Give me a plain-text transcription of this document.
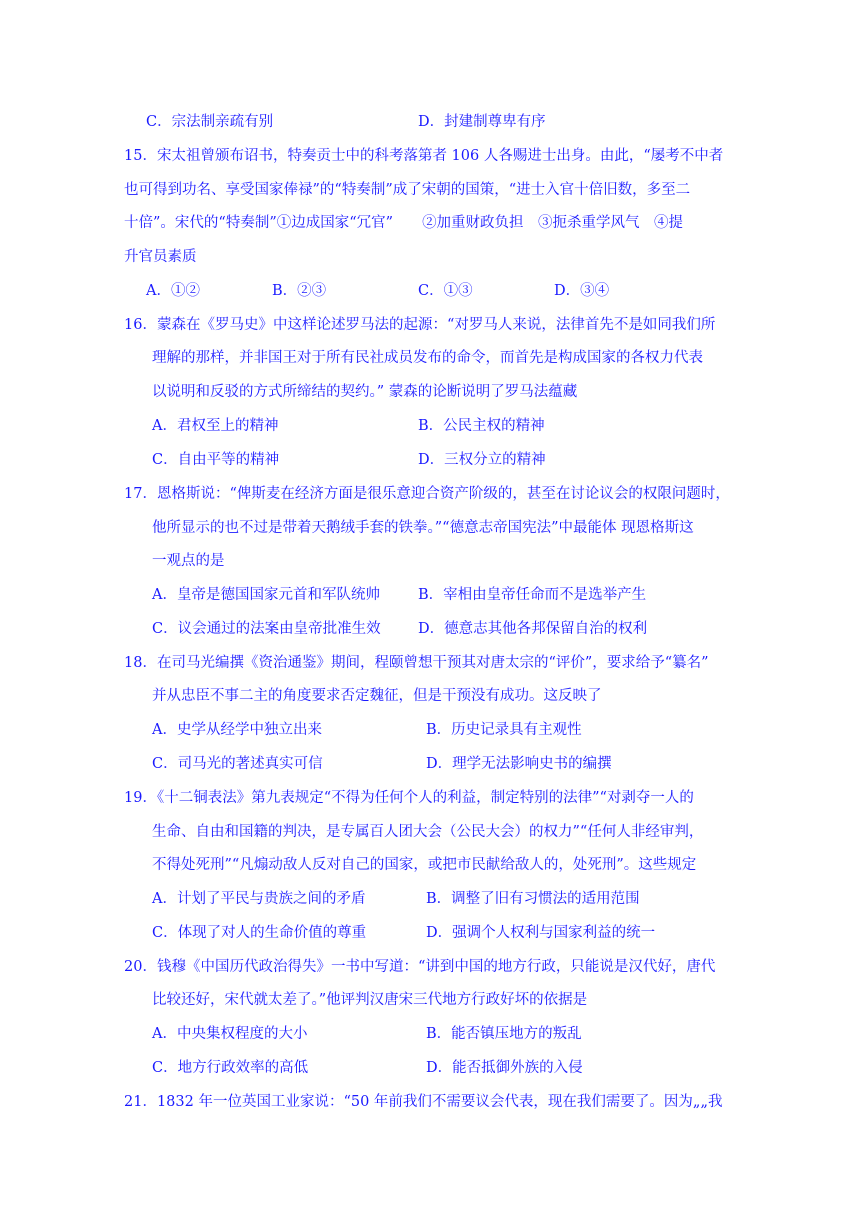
C．宗法制亲疏有别	D．封建制尊卑有序
15．宋太祖曾颁布诏书，特奏贡士中的科考落第者 106 人各赐进士出身。由此，“屡考不中者
也可得到功名、享受国家俸禄”的“特奏制”成了宋朝的国策，“进士入官十倍旧数，多至二
十倍”。宋代的“特奏制”①边成国家“冗官”　　②加重财政负担　③扼杀重学风气　④提
升官员素质
A．①②	B．②③	C．①③	D．③④
16．蒙森在《罗马史》中这样论述罗马法的起源：“对罗马人来说，法律首先不是如同我们所
理解的那样，并非国王对于所有民社成员发布的命令，而首先是构成国家的各权力代表
以说明和反驳的方式所缔结的契约。” 蒙森的论断说明了罗马法蕴藏
A．君权至上的精神	B．公民主权的精神
C．自由平等的精神	D．三权分立的精神
17．恩格斯说：“俾斯麦在经济方面是很乐意迎合资产阶级的，甚至在讨论议会的权限问题时，
他所显示的也不过是带着天鹅绒手套的铁拳。”“德意志帝国宪法”中最能体 现恩格斯这
一观点的是
A．皇帝是德国国家元首和军队统帅	B．宰相由皇帝任命而不是选举产生
C．议会通过的法案由皇帝批准生效	D．德意志其他各邦保留自治的权利
18．在司马光编撰《资治通鉴》期间，程颐曾想干预其对唐太宗的“评价”，要求给予“纂名”
并从忠臣不事二主的角度要求否定魏征，但是干预没有成功。这反映了
A．史学从经学中独立出来	B．历史记录具有主观性
C．司马光的著述真实可信	D．理学无法影响史书的编撰
19．《十二铜表法》第九表规定“不得为任何个人的利益，制定特别的法律”“对剥夺一人的
生命、自由和国籍的判决，是专属百人团大会（公民大会）的权力”“任何人非经审判，
不得处死刑”“凡煽动敌人反对自己的国家，或把市民献给敌人的，处死刑”。这些规定
A．计划了平民与贵族之间的矛盾	B．调整了旧有习惯法的适用范围
C．体现了对人的生命价值的尊重	D．强调个人权利与国家利益的统一
20．钱穆《中国历代政治得失》一书中写道：“讲到中国的地方行政，只能说是汉代好，唐代
比较还好，宋代就太差了。”他评判汉唐宋三代地方行政好坏的依据是
A．中央集权程度的大小	B．能否镇压地方的叛乱
C．地方行政效率的高低	D．能否抵御外族的入侵
21．1832 年一位英国工业家说：“50 年前我们不需要议会代表，现在我们需要了。因为„„我
